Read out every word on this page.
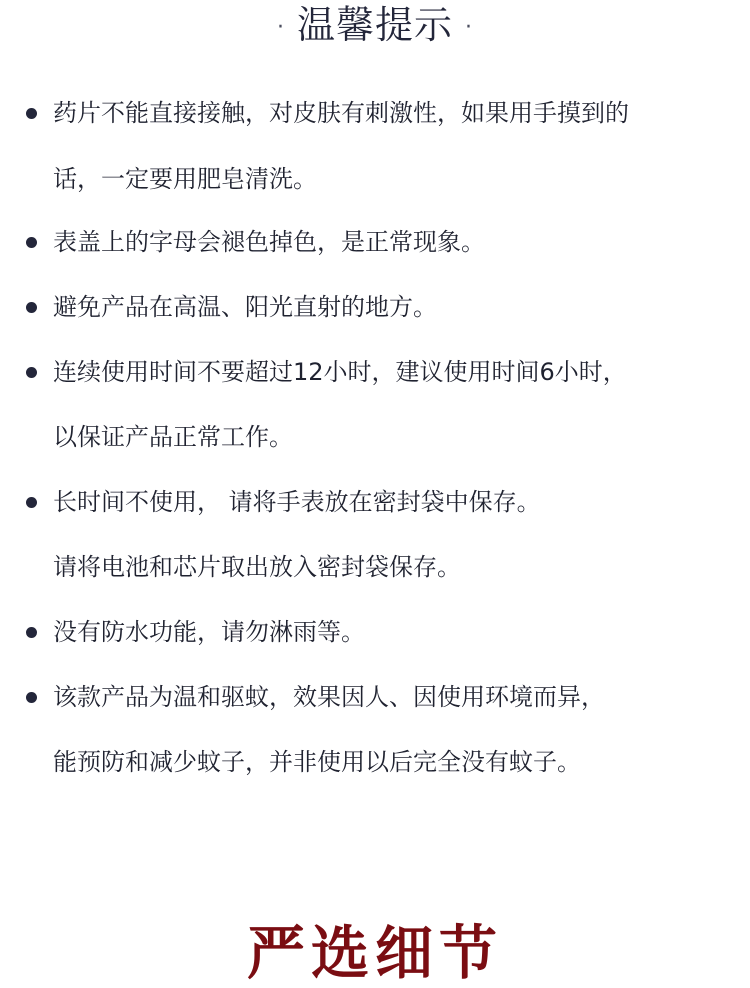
· 温馨提示 ·
药片不能直接接触，对皮肤有刺激性，如果用手摸到的
话，一定要用肥皂清洗。
表盖上的字母会褪色掉色，是正常现象。
避免产品在高温、阳光直射的地方。
连续使用时间不要超过12小时，建议使用时间6小时，
以保证产品正常工作。
长时间不使用， 请将手表放在密封袋中保存。
请将电池和芯片取出放入密封袋保存。
没有防水功能，请勿淋雨等。
该款产品为温和驱蚊，效果因人、因使用环境而异，
能预防和减少蚊子，并非使用以后完全没有蚊子。
严选细节
